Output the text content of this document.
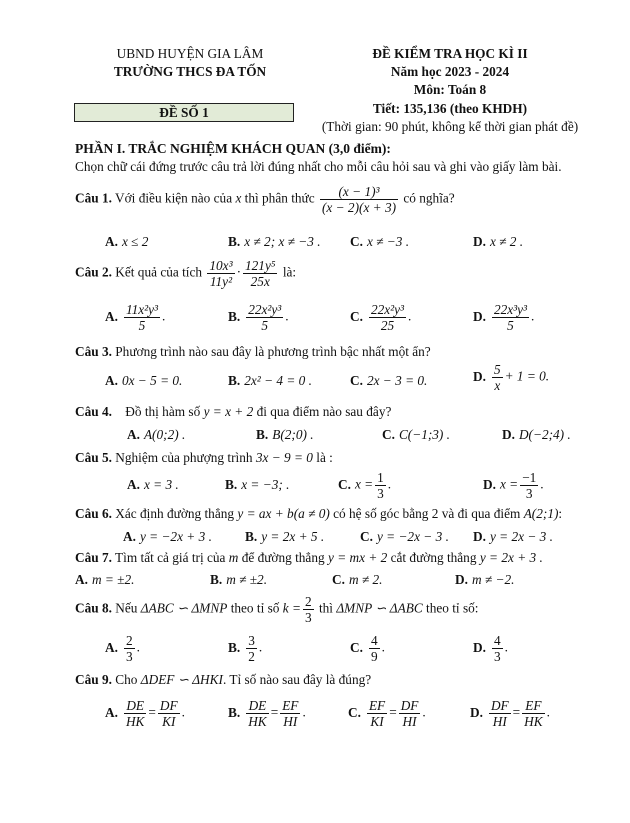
UBND HUYỆN GIA LÂM
TRƯỜNG THCS ĐA TỐN
ĐỀ SỐ 1
ĐỀ KIỂM TRA HỌC KÌ II
Năm học 2023 - 2024
Môn: Toán 8
Tiết: 135,136 (theo KHDH)
(Thời gian: 90 phút, không kể thời gian phát đề)
PHẦN I. TRẮC NGHIỆM KHÁCH QUAN (3,0 điểm):
Chọn chữ cái đứng trước câu trả lời đúng nhất cho mỗi câu hỏi sau và ghi vào giấy làm bài.
Câu 1. Với điều kiện nào của x thì phân thức $\frac{\text{(x − 1)³}}{(x - 2)(x + 3)}$ có nghĩa?
A. x ≤ 2	B. x ≠ 2; x ≠ −3 . C. x ≠ −3 .	D. x ≠ 2 .
Câu 2. Kết quả của tích $\frac{\text{10x³}}{\text{11y²}} \cdot \frac{\text{121y⁵}}{25x}$ là:
A. $\frac{\text{11x²y³}}{5}$ .	B. $\frac{\text{22x²y³}}{5}$ .	C. $\frac{\text{22x²y³}}{25}$ .	D. $\frac{\text{22x³y³}}{5}$ .
Câu 3. Phương trình nào sau đây là phương trình bậc nhất một ẩn?
A. 0x − 5 = 0.	B. 2x² − 4 = 0 .	C. 2x − 3 = 0.	D. $\frac{5}{x} + 1 = 0$.
Câu 4. Đồ thị hàm số y = x + 2 đi qua điểm nào sau đây?
A. A(0;2) .	B. B(2;0) .	C. C(−1;3) .	D. D(−2;4) .
Câu 5. Nghiệm của phượng trình 3x − 9 = 0 là :
A. x = 3 .	B. x = −3; .	C. $x = \frac{1}{3}$ .	D. $x = \frac{-1}{3}$ .
Câu 6. Xác định đường thẳng y = ax + b(a ≠ 0) có hệ số góc bằng 2 và đi qua điểm A(2;1):
A. y = −2x + 3 . B. y = 2x + 5 .	C. y = −2x − 3 . D. y = 2x − 3 .
Câu 7. Tìm tất cả giá trị của m để đường thẳng y = mx + 2 cắt đường thẳng y = 2x + 3 .
A. m = ±2.	B. m ≠ ±2.	C. m ≠ 2.	D. m ≠ −2.
Câu 8. Nếu ΔABC ∽ ΔMNP theo tỉ số $k = \frac{2}{3}$ thì ΔMNP ∽ ΔABC theo tỉ số:
A. $\frac{2}{3}$ .	B. $\frac{3}{2}$ .	C. $\frac{4}{9}$ .	D. $\frac{4}{3}$ .
Câu 9. Cho ΔDEF ∽ ΔHKI. Tỉ số nào sau đây là đúng?
A. $\frac{DE}{HK} = \frac{DF}{KI}$ .	B. $\frac{DE}{HK} = \frac{EF}{HI}$ .	C. $\frac{EF}{KI} = \frac{DF}{HI}$ .	D. $\frac{DF}{HI} = \frac{EF}{HK}$ .
